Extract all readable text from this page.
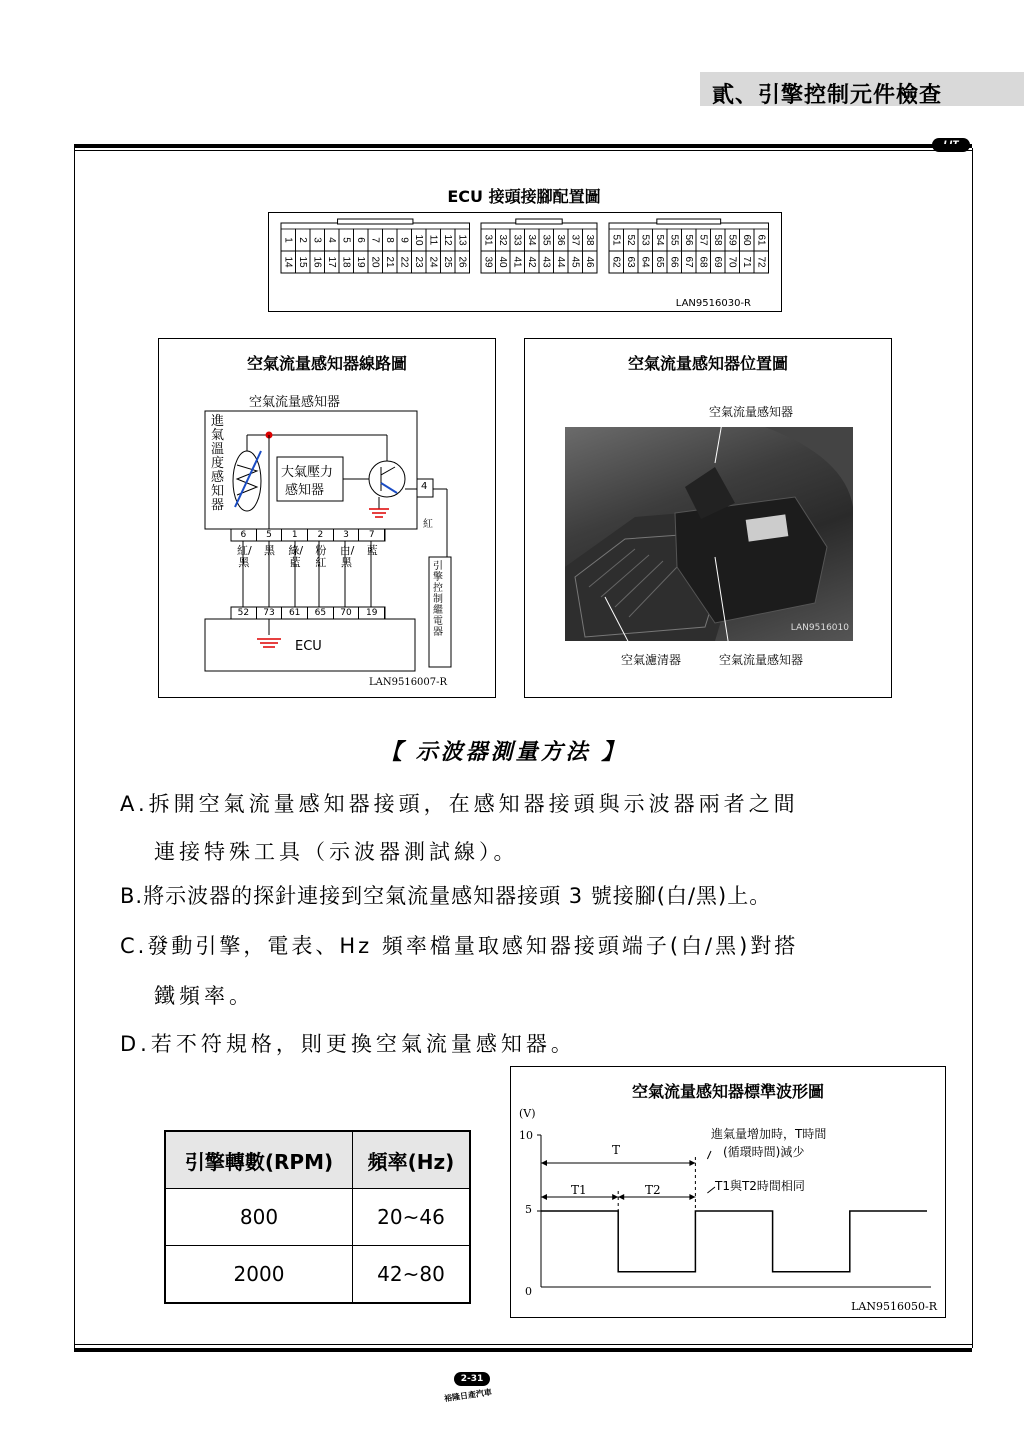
貳、引擎控制元件檢查
ECU 接頭接腳配置圖
1 2 3 4 5 6 7 8 9 10 11 12 13
14 15 16 17 18 19 20 21 22 23 24 25 26
31 32 33 34 35 36 37 38
39 40 41 42 43 44 45 46
51 52 53 54 55 56 57 58 59 60 61
62 63 64 65 66 67 68 69 70 71 72
LAN9516030-R
空氣流量感知器線路圖
空氣流量感知器
進氣溫度感知器
大氣壓力
感知器	4
6	5	1	2	3	7
紅/黑
黑	綠/藍
粉紅
白/黑
藍
紅
52	73	61	65	70	19
ECU
引擎控制繼電器
LAN9516007-R
空氣流量感知器位置圖
空氣流量感知器
LAN9516010
空氣濾清器	空氣流量感知器
【 示波器測量方法 】
A.拆開空氣流量感知器接頭，在感知器接頭與示波器兩者之間
連接特殊工具（示波器測試線）。
B.將示波器的探針連接到空氣流量感知器接頭 3 號接腳(白/黑)上。
C.發動引擎，電表、Hz 頻率檔量取感知器接頭端子(白/黑)對搭
鐵頻率。
D.若不符規格，則更換空氣流量感知器。
引擎轉數(RPM)	頻率(Hz)
800	20~46
2000	42~80
空氣流量感知器標準波形圖
(V)
10
5
0
T
T1	T2
進氣量增加時，T時間
(循環時間)減少
T1與T2時間相同
LAN9516050-R
2-31
裕隆日產汽車
